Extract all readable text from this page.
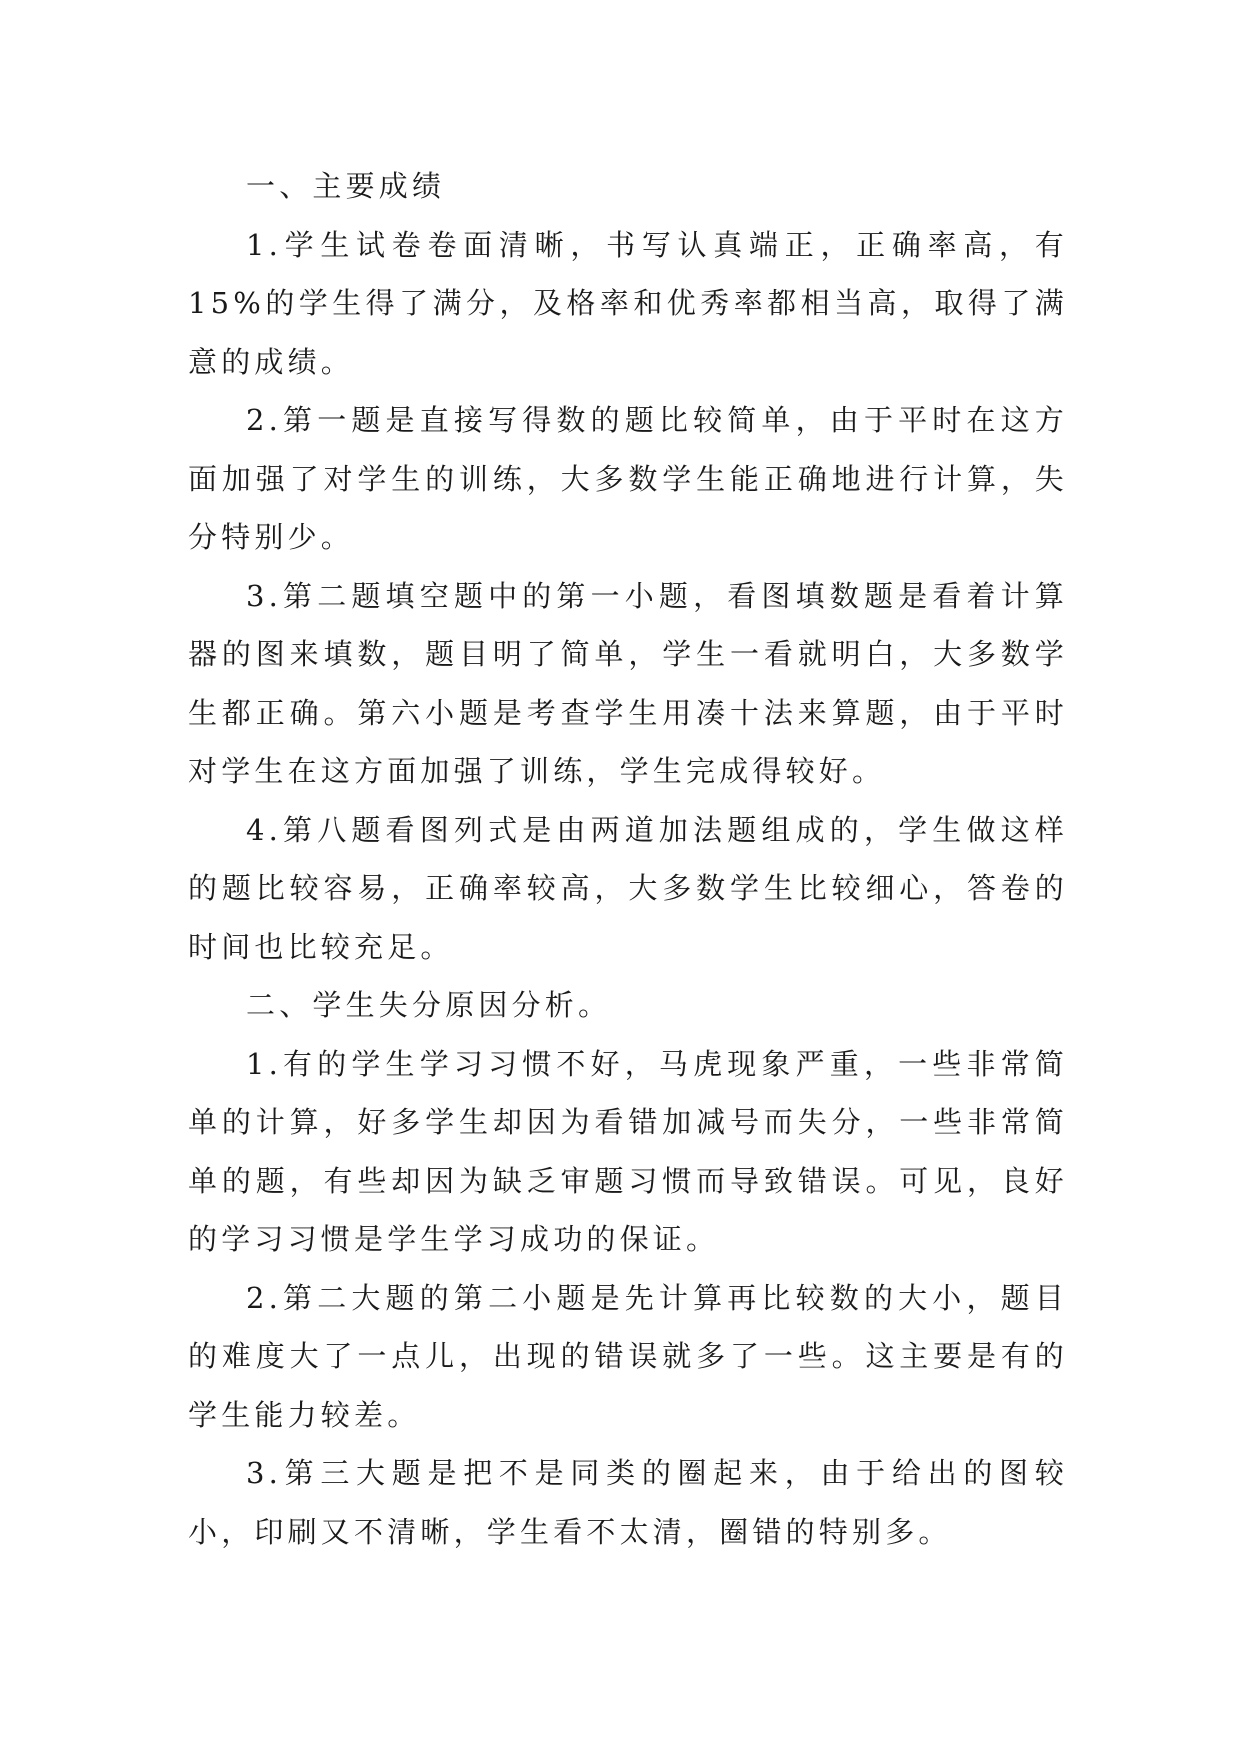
一、主要成绩

1.学生试卷卷面清晰，书写认真端正，正确率高，有15%的学生得了满分，及格率和优秀率都相当高，取得了满意的成绩。

2.第一题是直接写得数的题比较简单，由于平时在这方面加强了对学生的训练，大多数学生能正确地进行计算，失分特别少。

3.第二题填空题中的第一小题，看图填数题是看着计算器的图来填数，题目明了简单，学生一看就明白，大多数学生都正确。第六小题是考查学生用凑十法来算题，由于平时对学生在这方面加强了训练，学生完成得较好。

4.第八题看图列式是由两道加法题组成的，学生做这样的题比较容易，正确率较高，大多数学生比较细心，答卷的时间也比较充足。

二、学生失分原因分析。

1.有的学生学习习惯不好，马虎现象严重，一些非常简单的计算，好多学生却因为看错加减号而失分，一些非常简单的题，有些却因为缺乏审题习惯而导致错误。可见，良好的学习习惯是学生学习成功的保证。

2.第二大题的第二小题是先计算再比较数的大小，题目的难度大了一点儿，出现的错误就多了一些。这主要是有的学生能力较差。

3.第三大题是把不是同类的圈起来，由于给出的图较小，印刷又不清晰，学生看不太清，圈错的特别多。
